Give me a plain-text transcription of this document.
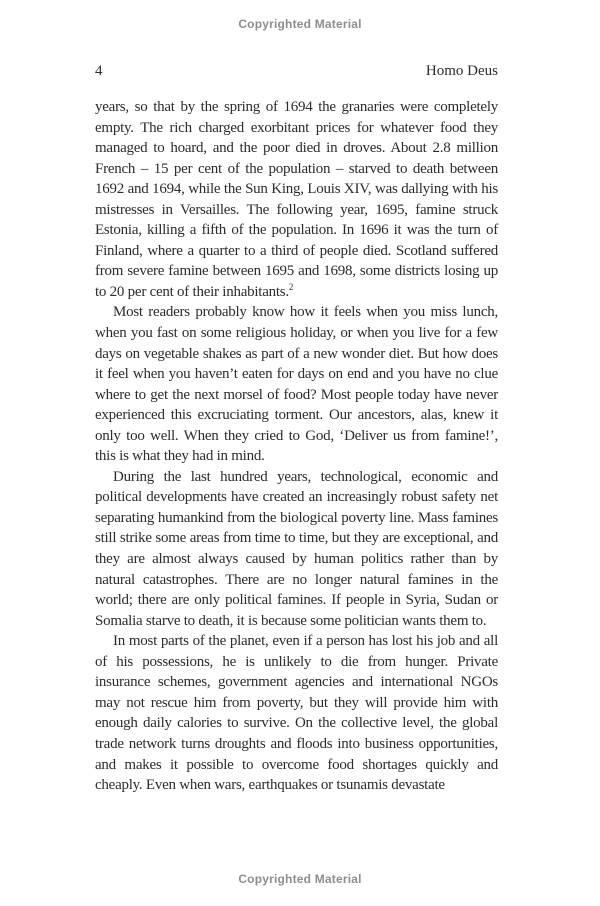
Copyrighted Material
4	Homo Deus

years, so that by the spring of 1694 the granaries were completely empty. The rich charged exorbitant prices for whatever food they managed to hoard, and the poor died in droves. About 2.8 million French – 15 per cent of the population – starved to death between 1692 and 1694, while the Sun King, Louis XIV, was dallying with his mistresses in Versailles. The following year, 1695, famine struck Estonia, killing a fifth of the population. In 1696 it was the turn of Finland, where a quarter to a third of people died. Scotland suffered from severe famine between 1695 and 1698, some districts losing up to 20 per cent of their inhabitants.$^2$

Most readers probably know how it feels when you miss lunch, when you fast on some religious holiday, or when you live for a few days on vegetable shakes as part of a new wonder diet. But how does it feel when you haven’t eaten for days on end and you have no clue where to get the next morsel of food? Most people today have never experienced this excruciating torment. Our ancestors, alas, knew it only too well. When they cried to God, ‘Deliver us from famine!’, this is what they had in mind.

During the last hundred years, technological, economic and political developments have created an increasingly robust safety net separating humankind from the biological poverty line. Mass famines still strike some areas from time to time, but they are exceptional, and they are almost always caused by human politics rather than by natural catastrophes. There are no longer natural famines in the world; there are only political famines. If people in Syria, Sudan or Somalia starve to death, it is because some politician wants them to.

In most parts of the planet, even if a person has lost his job and all of his possessions, he is unlikely to die from hunger. Private insurance schemes, government agencies and international NGOs may not rescue him from poverty, but they will provide him with enough daily calories to survive. On the collective level, the global trade network turns droughts and floods into business opportunities, and makes it possible to overcome food shortages quickly and cheaply. Even when wars, earthquakes or tsunamis devastate

Copyrighted Material
